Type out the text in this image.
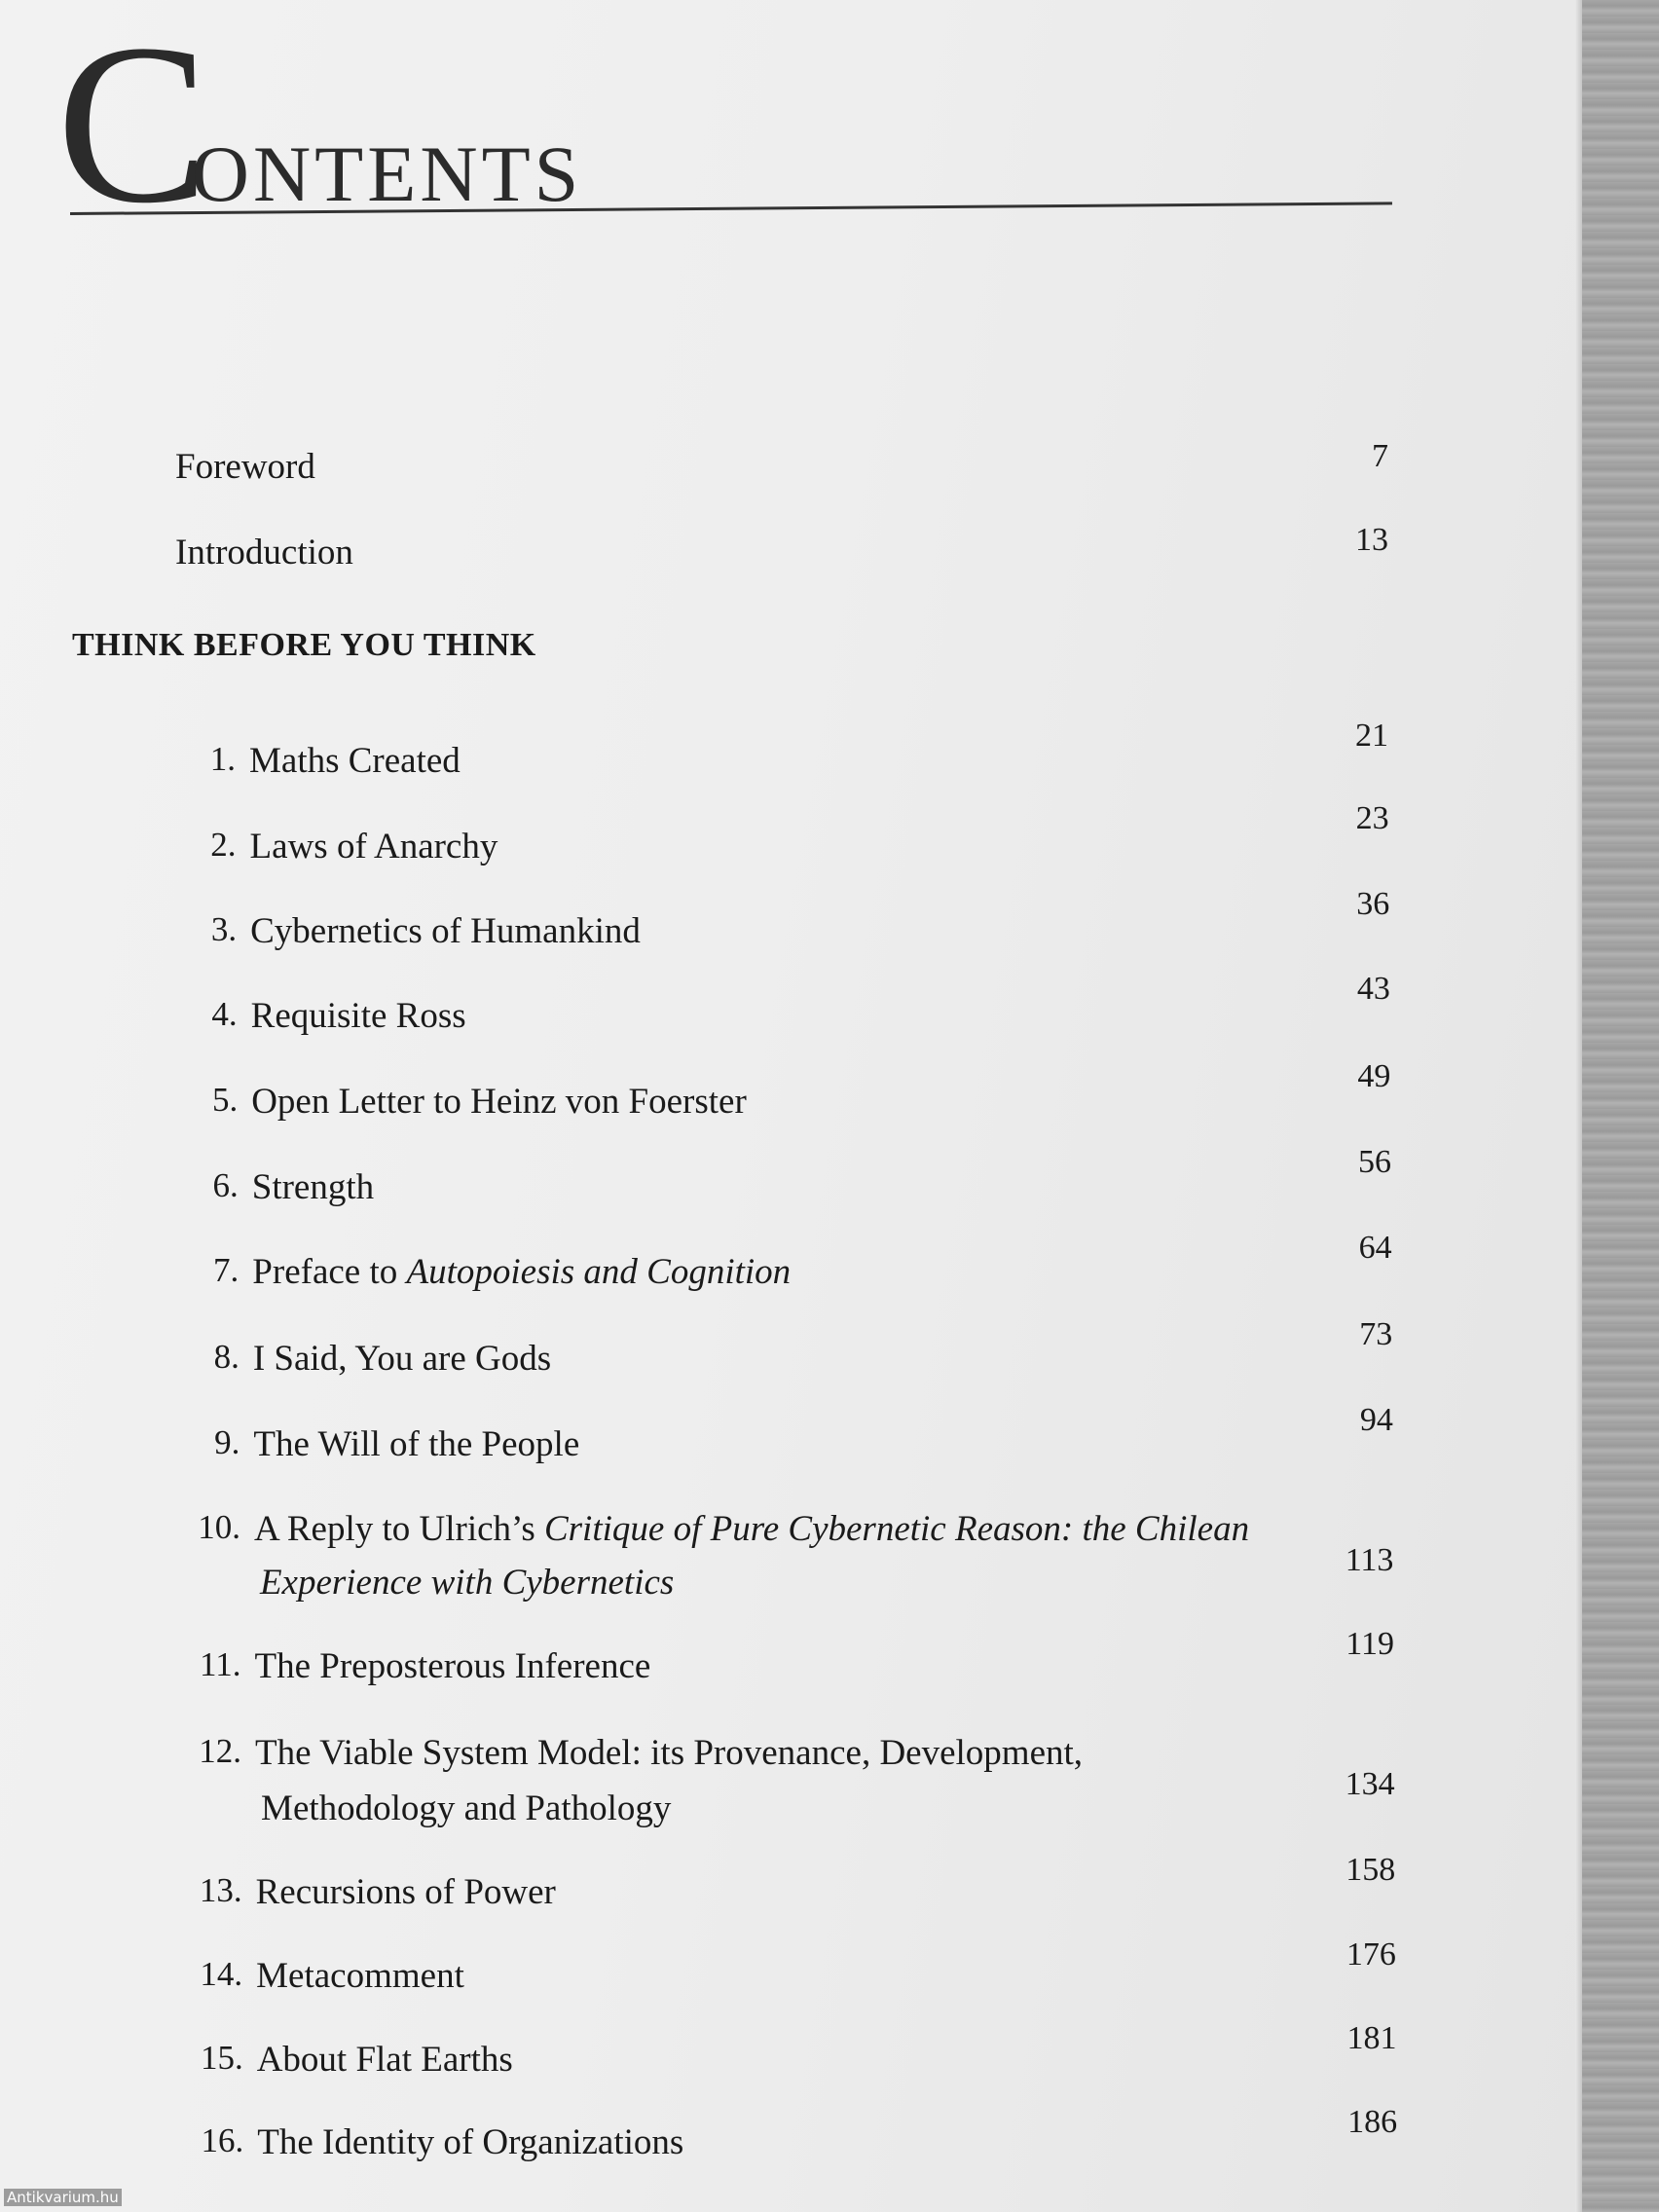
CONTENTS
Foreword	7
Introduction	13
THINK BEFORE YOU THINK
1. Maths Created
21
2. Laws of Anarchy
23
3. Cybernetics of Humankind
36
4. Requisite Ross
43
5. Open Letter to Heinz von Foerster
49
6. Strength
56
7. Preface to Autopoiesis and Cognition
64
8. I Said, You are Gods
73
9. The Will of the People
94
10. A Reply to Ulrich’s Critique of Pure Cybernetic Reason: the Chilean
Experience with Cybernetics
113
11. The Preposterous Inference
119
12. The Viable System Model: its Provenance, Development,
Methodology and Pathology
134
13. Recursions of Power
158
14. Metacomment
176
15. About Flat Earths
181
16. The Identity of Organizations
186
Antikvarium.hu
